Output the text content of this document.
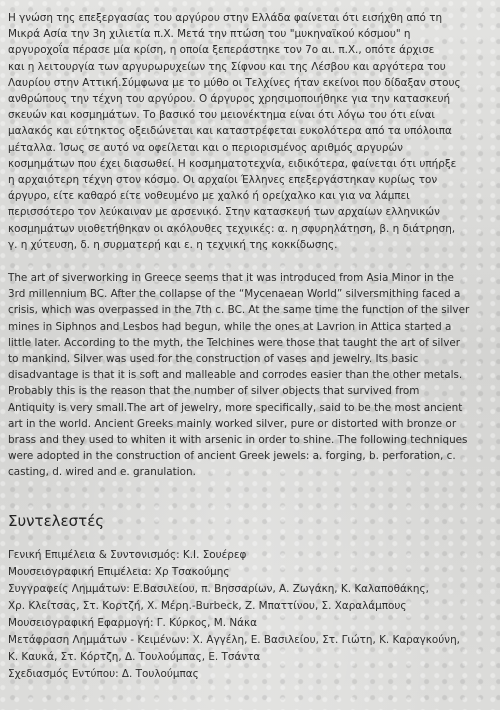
Η γνώση της επεξεργασίας του αργύρου στην Ελλάδα φαίνεται ότι εισήχθη από τη
Μικρά Ασία την 3η χιλιετία π.Χ. Μετά την πτώση του "μυκηναϊκού κόσμου" η
αργυροχοΐα πέρασε μία κρίση, η οποία ξεπεράστηκε τον 7ο αι. π.Χ., οπότε άρχισε
και η λειτουργία των αργυρωρυχείων της Σίφνου και της Λέσβου και αργότερα του
Λαυρίου στην Αττική.Σύμφωνα με το μύθο οι Τελχίνες ήταν εκείνοι που δίδαξαν στους
ανθρώπους την τέχνη του αργύρου. Ο άργυρος χρησιμοποιήθηκε για την κατασκευή
σκευών και κοσμημάτων. Το βασικό του μειονέκτημα είναι ότι λόγω του ότι είναι
μαλακός και εύτηκτος οξειδώνεται και καταστρέφεται ευκολότερα από τα υπόλοιπα
μέταλλα. Ίσως σε αυτό να οφείλεται και ο περιορισμένος αριθμός αργυρών
κοσμημάτων που έχει διασωθεί. Η κοσμηματοτεχνία, ειδικότερα, φαίνεται ότι υπήρξε
η αρχαιότερη τέχνη στον κόσμο. Οι αρχαίοι Έλληνες επεξεργάστηκαν κυρίως τον
άργυρο, είτε καθαρό είτε νοθευμένο με χαλκό ή ορείχαλκο και για να λάμπει
περισσότερο τον λεύκαιναν με αρσενικό. Στην κατασκευή των αρχαίων ελληνικών
κοσμημάτων υιοθετήθηκαν οι ακόλουθες τεχνικές: α. η σφυρηλάτηση, β. η διάτρηση,
γ. η χύτευση, δ. η συρματερή και ε. η τεχνική της κοκκίδωσης.

The art of siverworking in Greece seems that it was introduced from Asia Minor in the
3rd millennium BC. After the collapse of the “Mycenaean World” silversmithing faced a
crisis, which was overpassed in the 7th c. BC. At the same time the function of the silver
mines in Siphnos and Lesbos had begun, while the ones at Lavrion in Attica started a
little later. According to the myth, the Telchines were those that taught the art of silver
to mankind. Silver was used for the construction of vases and jewelry. Its basic
disadvantage is that it is soft and malleable and corrodes easier than the other metals.
Probably this is the reason that the number of silver objects that survived from
Antiquity is very small.The art of jewelry, more specifically, said to be the most ancient
art in the world. Ancient Greeks mainly worked silver, pure or distorted with bronze or
brass and they used to whiten it with arsenic in order to shine. The following techniques
were adopted in the construction of ancient Greek jewels: a. forging, b. perforation, c.
casting, d. wired and e. granulation.

Συντελεστές
Γενική Επιμέλεια & Συντονισμός: Κ.Ι. Σουέρεφ
Μουσειογραφική Επιμέλεια: Χρ Τσακούμης
Συγγραφείς Λημμάτων: Ε.Βασιλείου, π. Βησσαρίων, Α. Ζωγάκη, Κ. Καλαποθάκης,
Χρ. Κλείτσας, Στ. Κορτζή, Χ. Μέρη.-Burbeck, Ζ. Μπαττίνου, Σ. Χαραλάμπους
Μουσειογραφική Εφαρμογή: Γ. Κύρκος, Μ. Νάκα
Μετάφραση Λημμάτων - Κειμένων: Χ. Αγγέλη, Ε. Βασιλείου, Στ. Γιώτη, Κ. Καραγκούνη,
Κ. Καυκά, Στ. Κόρτζη, Δ. Τουλούμπας, Ε. Τσάντα
Σχεδιασμός Εντύπου: Δ. Τουλούμπας
